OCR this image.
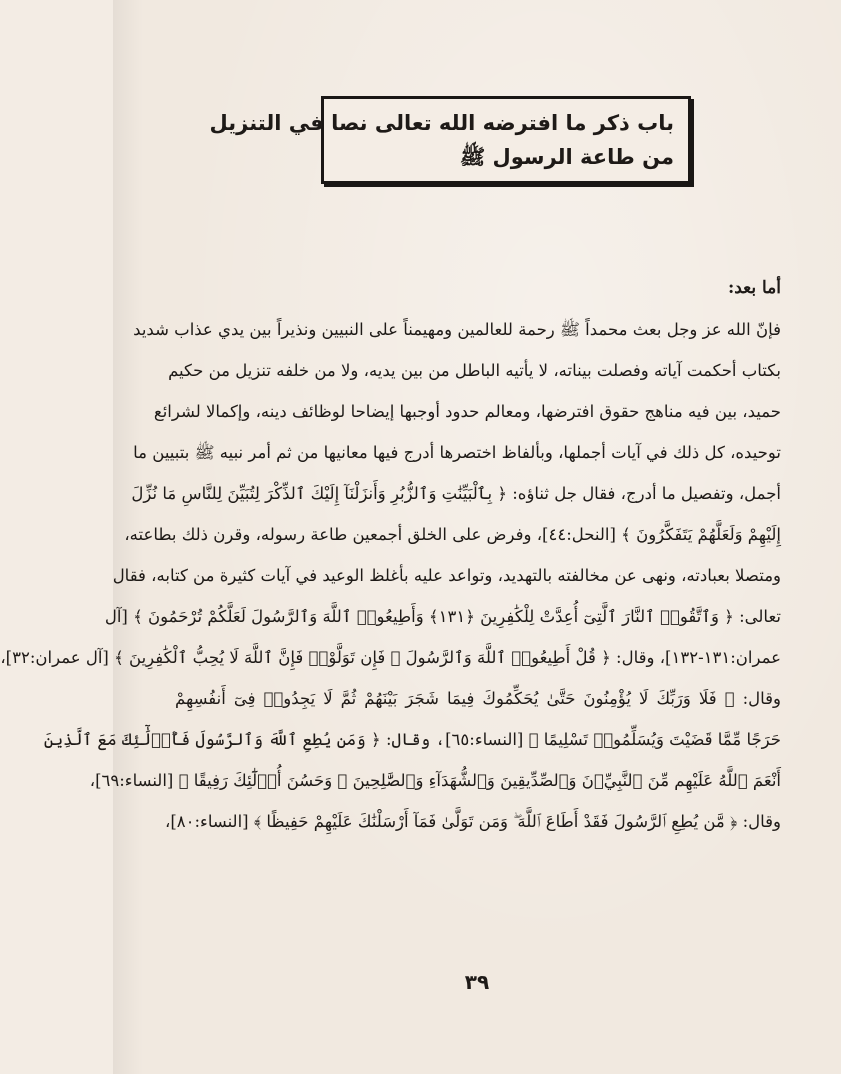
باب ذكر ما افترضه الله تعالى نصا في التنزيل
من طاعة الرسول ﷺ
أما بعد:
فإنّ الله عز وجل بعث محمداً ﷺ رحمة للعالمين ومهيمناً على النبيين ونذيراً بين يدي عذاب شديد
بكتاب أحكمت آياته وفصلت بيناته، لا يأتيه الباطل من بين يديه، ولا من خلفه تنزيل من حكيم
حميد، بين فيه مناهج حقوق افترضها، ومعالم حدود أوجبها إيضاحا لوظائف دينه، وإكمالا لشرائع
توحيده، كل ذلك في آيات أجملها، وبألفاظ اختصرها أدرج فيها معانيها من ثم أمر نبيه ﷺ بتبيين ما
أجمل، وتفصيل ما أدرج، فقال جل ثناؤه: ﴿ بِٱلْبَيِّنَٰتِ وَٱلزُّبُرِ وَأَنزَلْنَآ إِلَيْكَ ٱلذِّكْرَ لِتُبَيِّنَ لِلنَّاسِ مَا نُزِّلَ
إِلَيْهِمْ وَلَعَلَّهُمْ يَتَفَكَّرُونَ ﴾ [النحل:٤٤]، وفرض على الخلق أجمعين طاعة رسوله، وقرن ذلك بطاعته،
ومتصلا بعبادته، ونهى عن مخالفته بالتهديد، وتواعد عليه بأغلظ الوعيد في آيات كثيرة من كتابه، فقال
تعالى: ﴿ وَٱتَّقُوا۟ ٱلنَّارَ ٱلَّتِىٓ أُعِدَّتْ لِلْكَٰفِرِينَ ﴿١٣١﴾ وَأَطِيعُوا۟ ٱللَّهَ وَٱلرَّسُولَ لَعَلَّكُمْ تُرْحَمُونَ ﴾ [آل
عمران:١٣١-١٣٢]، وقال: ﴿ قُلْ أَطِيعُوا۟ ٱللَّهَ وَٱلرَّسُولَ ۖ فَإِن تَوَلَّوْا۟ فَإِنَّ ٱللَّهَ لَا يُحِبُّ ٱلْكَٰفِرِينَ ﴾ [آل عمران:٣٢]،
وقال: ﴿ فَلَا وَرَبِّكَ لَا يُؤْمِنُونَ حَتَّىٰ يُحَكِّمُوكَ فِيمَا شَجَرَ بَيْنَهُمْ ثُمَّ لَا يَجِدُوا۟ فِىٓ أَنفُسِهِمْ
حَرَجًا مِّمَّا قَضَيْتَ وَيُسَلِّمُوا۟ تَسْلِيمًا ﴾ [النساء:٦٥]، وقال: ﴿ وَمَن يُطِعِ ٱللَّهَ وَٱلرَّسُولَ فَأُو۟لَٰٓئِكَ مَعَ ٱلَّذِينَ
أَنْعَمَ ٱللَّهُ عَلَيْهِم مِّنَ ٱلنَّبِيِّۦنَ وَٱلصِّدِّيقِينَ وَٱلشُّهَدَآءِ وَٱلصَّٰلِحِينَ ۚ وَحَسُنَ أُو۟لَٰٓئِكَ رَفِيقًا ﴾ [النساء:٦٩]،
وقال: ﴿ مَّن يُطِعِ ٱلرَّسُولَ فَقَدْ أَطَاعَ ٱللَّهَ ۖ وَمَن تَوَلَّىٰ فَمَآ أَرْسَلْنَٰكَ عَلَيْهِمْ حَفِيظًا ﴾ [النساء:٨٠]،
٣٩
